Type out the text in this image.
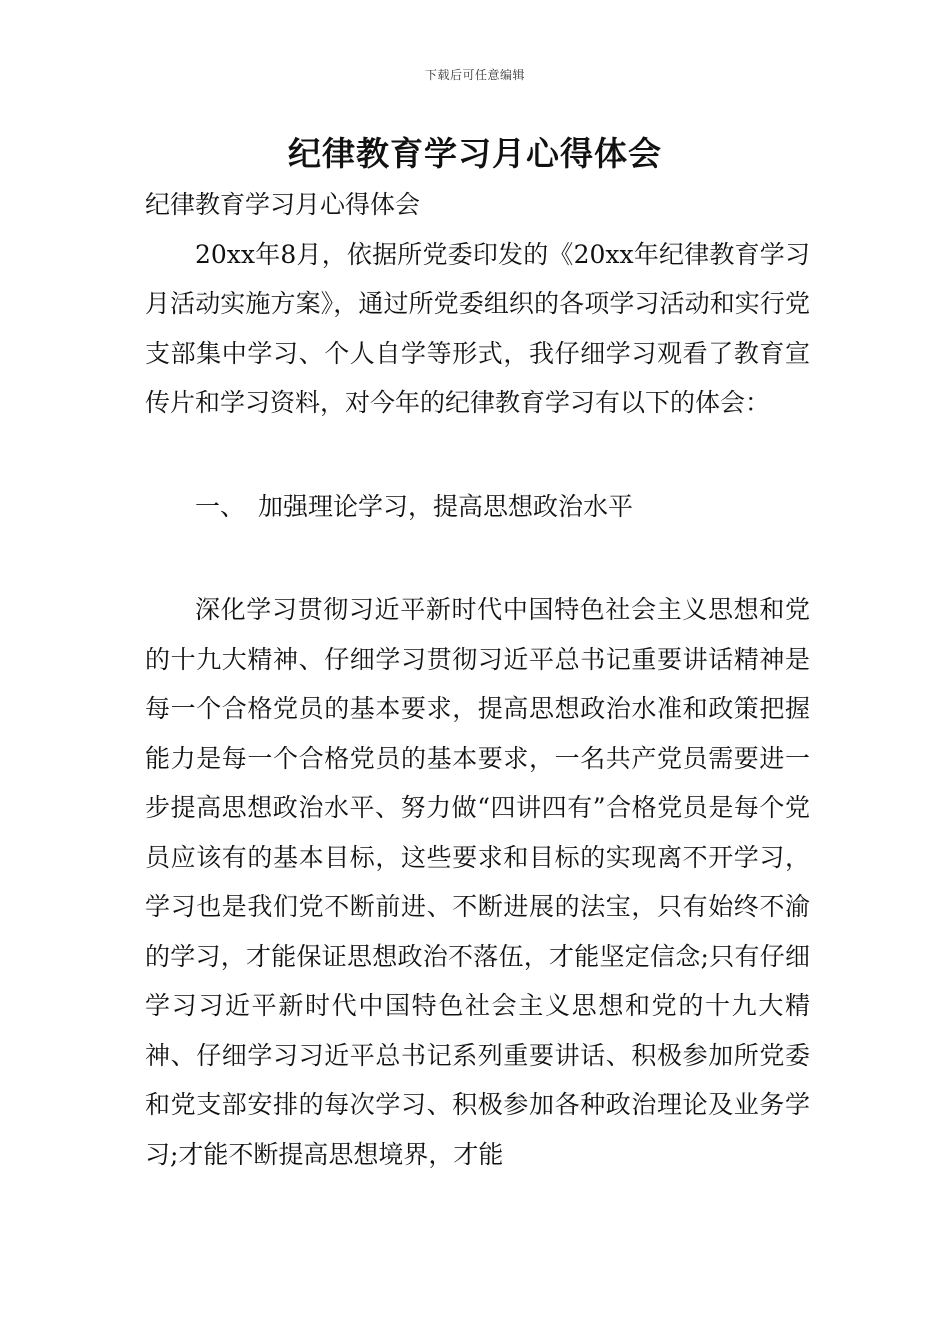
下载后可任意编辑
纪律教育学习月心得体会

纪律教育学习月心得体会

20xx年8月，依据所党委印发的《20xx年纪律教育学习月活动实施方案》，通过所党委组织的各项学习活动和实行党支部集中学习、个人自学等形式，我仔细学习观看了教育宣传片和学习资料，对今年的纪律教育学习有以下的体会：

一、 加强理论学习，提高思想政治水平

深化学习贯彻习近平新时代中国特色社会主义思想和党的十九大精神、仔细学习贯彻习近平总书记重要讲话精神是每一个合格党员的基本要求，提高思想政治水准和政策把握能力是每一个合格党员的基本要求，一名共产党员需要进一步提高思想政治水平、努力做“四讲四有”合格党员是每个党员应该有的基本目标，这些要求和目标的实现离不开学习，学习也是我们党不断前进、不断进展的法宝，只有始终不渝的学习，才能保证思想政治不落伍，才能坚定信念;只有仔细学习习近平新时代中国特色社会主义思想和党的十九大精神、仔细学习习近平总书记系列重要讲话、积极参加所党委和党支部安排的每次学习、积极参加各种政治理论及业务学习;才能不断提高思想境界，才能
